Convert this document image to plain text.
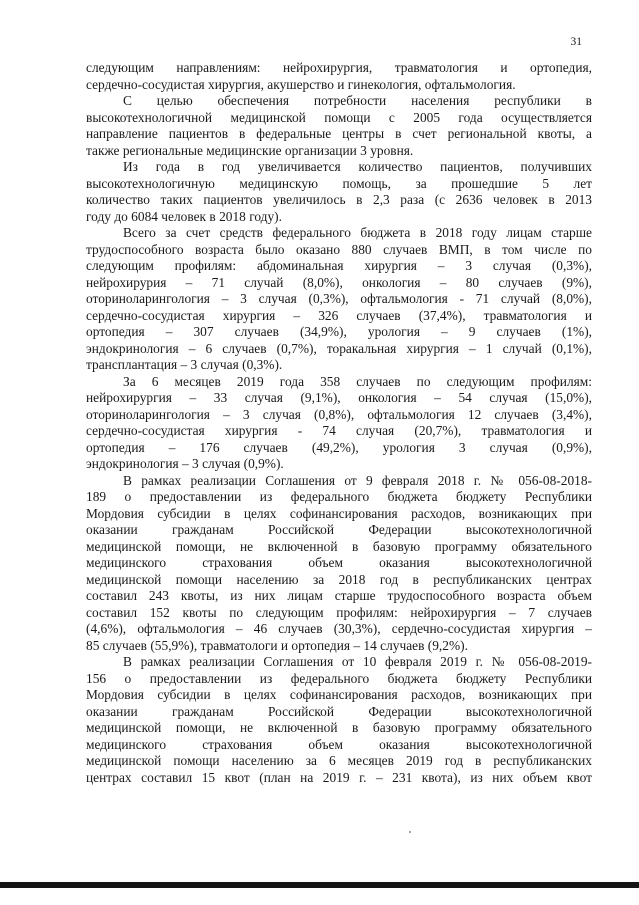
31
следующим направлениям: нейрохирургия, травматология и ортопедия,
сердечно-сосудистая хирургия, акушерство и гинекология, офтальмология.
С целью обеспечения потребности населения республики в
высокотехнологичной медицинской помощи с 2005 года осуществляется
направление пациентов в федеральные центры в счет региональной квоты, а
также региональные медицинские организации 3 уровня.
Из года в год увеличивается количество пациентов, получивших
высокотехнологичную медицинскую помощь, за прошедшие 5 лет
количество таких пациентов увеличилось в 2,3 раза (с 2636 человек в 2013
году до 6084 человек в 2018 году).
Всего за счет средств федерального бюджета в 2018 году лицам старше
трудоспособного возраста было оказано 880 случаев ВМП, в том числе по
следующим профилям: абдоминальная хирургия – 3 случая (0,3%),
нейрохирурия – 71 случай (8,0%), онкология – 80 случаев (9%),
оториноларингология – 3 случая (0,3%), офтальмология - 71 случай (8,0%),
сердечно-сосудистая хирургия – 326 случаев (37,4%), травматология и
ортопедия – 307 случаев (34,9%), урология – 9 случаев (1%),
эндокринология – 6 случаев (0,7%), торакальная хирургия – 1 случай (0,1%),
трансплантация – 3 случая (0,3%).
За 6 месяцев 2019 года 358 случаев по следующим профилям:
нейрохирургия – 33 случая (9,1%), онкология – 54 случая (15,0%),
оториноларингология – 3 случая (0,8%), офтальмология 12 случаев (3,4%),
сердечно-сосудистая хирургия - 74 случая (20,7%), травматология и
ортопедия – 176 случаев (49,2%), урология 3 случая (0,9%),
эндокринология – 3 случая (0,9%).
В рамках реализации Соглашения от 9 февраля 2018 г. № 056-08-2018-
189 о предоставлении из федерального бюджета бюджету Республики
Мордовия субсидии в целях софинансирования расходов, возникающих при
оказании гражданам Российской Федерации высокотехнологичной
медицинской помощи, не включенной в базовую программу обязательного
медицинского страхования объем оказания высокотехнологичной
медицинской помощи населению за 2018 год в республиканских центрах
составил 243 квоты, из них лицам старше трудоспособного возраста объем
составил 152 квоты по следующим профилям: нейрохирургия – 7 случаев
(4,6%), офтальмология – 46 случаев (30,3%), сердечно-сосудистая хирургия –
85 случаев (55,9%), травматологи и ортопедия – 14 случаев (9,2%).
В рамках реализации Соглашения от 10 февраля 2019 г. № 056-08-2019-
156 о предоставлении из федерального бюджета бюджету Республики
Мордовия субсидии в целях софинансирования расходов, возникающих при
оказании гражданам Российской Федерации высокотехнологичной
медицинской помощи, не включенной в базовую программу обязательного
медицинского страхования объем оказания высокотехнологичной
медицинской помощи населению за 6 месяцев 2019 год в республиканских
центрах составил 15 квот (план на 2019 г. – 231 квота), из них объем квот
